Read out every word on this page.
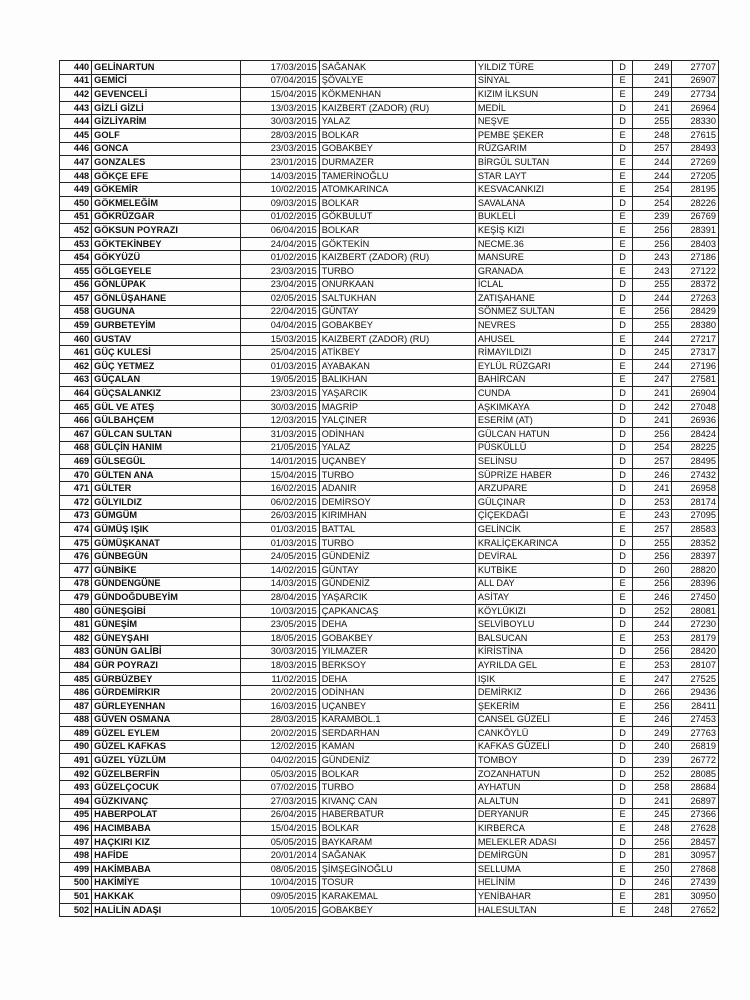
440	GELİNARTUN	17/03/2015	SAĞANAK	YILDIZ TÜRE	D	249	27707
441	GEMİCİ	07/04/2015	ŞÖVALYE	SİNYAL	E	241	26907
442	GEVENCELİ	15/04/2015	KÖKMENHAN	KIZIM İLKSUN	E	249	27734
443	GİZLİ GİZLİ	13/03/2015	KAIZBERT (ZADOR) (RU)	MEDİL	D	241	26964
444	GİZLİYARİM	30/03/2015	YALAZ	NEŞVE	D	255	28330
445	GOLF	28/03/2015	BOLKAR	PEMBE ŞEKER	E	248	27615
446	GONCA	23/03/2015	GOBAKBEY	RÜZGARIM	D	257	28493
447	GONZALES	23/01/2015	DURMAZER	BİRGÜL SULTAN	E	244	27269
448	GÖKÇE EFE	14/03/2015	TAMERİNOĞLU	STAR LAYT	E	244	27205
449	GÖKEMİR	10/02/2015	ATOMKARINCA	KESVACANKIZI	E	254	28195
450	GÖKMELEĞİM	09/03/2015	BOLKAR	SAVALANA	D	254	28226
451	GÖKRÜZGAR	01/02/2015	GÖKBULUT	BUKLELİ	E	239	26769
452	GÖKSUN POYRAZI	06/04/2015	BOLKAR	KEŞİŞ KIZI	E	256	28391
453	GÖKTEKİNBEY	24/04/2015	GÖKTEKİN	NECME.36	E	256	28403
454	GÖKYÜZÜ	01/02/2015	KAIZBERT (ZADOR) (RU)	MANSURE	D	243	27186
455	GÖLGEYELE	23/03/2015	TURBO	GRANADA	E	243	27122
456	GÖNLÜPAK	23/04/2015	ONURKAAN	İCLAL	D	255	28372
457	GÖNLÜŞAHANE	02/05/2015	SALTUKHAN	ZATIŞAHANE	D	244	27263
458	GUGUNA	22/04/2015	GÜNTAY	SÖNMEZ SULTAN	E	256	28429
459	GURBETEYİM	04/04/2015	GOBAKBEY	NEVRES	D	255	28380
460	GUSTAV	15/03/2015	KAIZBERT (ZADOR) (RU)	AHUSEL	E	244	27217
461	GÜÇ KULESİ	25/04/2015	ATİKBEY	RİMAYILDIZI	D	245	27317
462	GÜÇ YETMEZ	01/03/2015	AYABAKAN	EYLÜL RÜZGARI	E	244	27196
463	GÜÇALAN	19/05/2015	BALIKHAN	BAHİRCAN	E	247	27581
464	GÜÇSALANKIZ	23/03/2015	YAŞARCIK	CUNDA	D	241	26904
465	GÜL VE ATEŞ	30/03/2015	MAGRİP	AŞKIMKAYA	D	242	27048
466	GÜLBAHÇEM	12/03/2015	YALÇINER	ESERİM (AT)	D	241	26936
467	GÜLCAN SULTAN	31/03/2015	ODİNHAN	GÜLCAN HATUN	D	256	28424
468	GÜLÇİN HANIM	21/05/2015	YALAZ	PÜSKÜLLÜ	D	254	28225
469	GÜLSEGÜL	14/01/2015	UÇANBEY	SELİNSU	D	257	28495
470	GÜLTEN ANA	15/04/2015	TURBO	SÜPRİZE HABER	D	246	27432
471	GÜLTER	16/02/2015	ADANIR	ARZUPARE	D	241	26958
472	GÜLYILDIZ	06/02/2015	DEMİRSOY	GÜLÇINAR	D	253	28174
473	GÜMGÜM	26/03/2015	KIRIMHAN	ÇİÇEKDAĞI	E	243	27095
474	GÜMÜŞ IŞIK	01/03/2015	BATTAL	GELİNCİK	E	257	28583
475	GÜMÜŞKANAT	01/03/2015	TURBO	KRALİÇEKARINCA	D	255	28352
476	GÜNBEGÜN	24/05/2015	GÜNDENİZ	DEVİRAL	D	256	28397
477	GÜNBİKE	14/02/2015	GÜNTAY	KUTBİKE	D	260	28820
478	GÜNDENGÜNE	14/03/2015	GÜNDENİZ	ALL DAY	E	256	28396
479	GÜNDOĞDUBEYİM	28/04/2015	YAŞARCIK	ASİTAY	E	246	27450
480	GÜNEŞGİBİ	10/03/2015	ÇAPKANCAŞ	KÖYLÜKIZI	D	252	28081
481	GÜNEŞİM	23/05/2015	DEHA	SELVİBOYLU	D	244	27230
482	GÜNEYŞAHI	18/05/2015	GOBAKBEY	BALSUCAN	E	253	28179
483	GÜNÜN GALİBİ	30/03/2015	YILMAZER	KİRİSTİNA	D	256	28420
484	GÜR POYRAZI	18/03/2015	BERKSOY	AYRILDA GEL	E	253	28107
485	GÜRBÜZBEY	11/02/2015	DEHA	IŞIK	E	247	27525
486	GÜRDEMİRKIR	20/02/2015	ODİNHAN	DEMİRKIZ	D	266	29436
487	GÜRLEYENHAN	16/03/2015	UÇANBEY	ŞEKERİM	E	256	28411
488	GÜVEN OSMANA	28/03/2015	KARAMBOL.1	CANSEL GÜZELİ	E	246	27453
489	GÜZEL EYLEM	20/02/2015	SERDARHAN	CANKÖYLÜ	D	249	27763
490	GÜZEL KAFKAS	12/02/2015	KAMAN	KAFKAS GÜZELİ	D	240	26819
491	GÜZEL YÜZLÜM	04/02/2015	GÜNDENİZ	TOMBOY	D	239	26772
492	GÜZELBERFİN	05/03/2015	BOLKAR	ZOZANHATUN	D	252	28085
493	GÜZELÇOCUK	07/02/2015	TURBO	AYHATUN	D	258	28684
494	GÜZKIVANÇ	27/03/2015	KIVANÇ CAN	ALALTUN	D	241	26897
495	HABERPOLAT	26/04/2015	HABERBATUR	DERYANUR	E	245	27366
496	HACIMBABA	15/04/2015	BOLKAR	KIRBERCA	E	248	27628
497	HAÇKIRI KIZ	05/05/2015	BAYKARAM	MELEKLER ADASI	D	256	28457
498	HAFİDE	20/01/2014	SAĞANAK	DEMİRGÜN	D	281	30957
499	HAKİMBABA	08/05/2015	ŞİMŞEGİNOĞLU	SELLUMA	E	250	27868
500	HAKİMİYE	10/04/2015	TOSUR	HELİNİM	D	246	27439
501	HAKKAK	09/05/2015	KARAKEMAL	YENİBAHAR	E	281	30950
502	HALİLİN ADAŞI	10/05/2015	GOBAKBEY	HALESULTAN	E	248	27652
